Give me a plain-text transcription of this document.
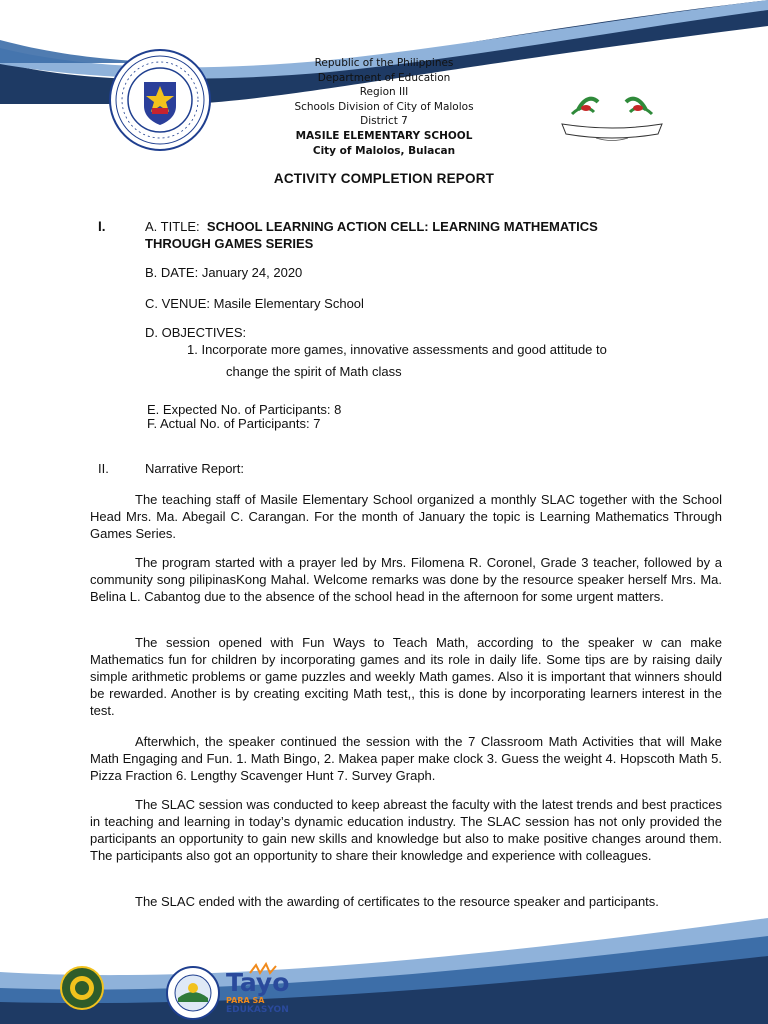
Republic of the Philippines
Department of Education
Region III
Schools Division of City of Malolos
District 7
MASILE ELEMENTARY SCHOOL
City of Malolos, Bulacan
ACTIVITY COMPLETION REPORT
I.	A. TITLE: SCHOOL LEARNING ACTION CELL: LEARNING MATHEMATICS
THROUGH GAMES SERIES
B. DATE: January 24, 2020
C. VENUE: Masile Elementary School
D. OBJECTIVES:
1. Incorporate more games, innovative assessments and good attitude to
change the spirit of Math class
E. Expected No. of Participants: 8
F. Actual No. of Participants: 7
II.	Narrative Report:
The teaching staff of Masile Elementary School organized a monthly SLAC together with the School Head Mrs. Ma. Abegail C. Carangan. For the month of January the topic is Learning Mathematics Through Games Series.
The program started with a prayer led by Mrs. Filomena R. Coronel, Grade 3 teacher, followed by a community song pilipinasKong Mahal. Welcome remarks was done by the resource speaker herself Mrs. Ma. Belina L. Cabantog due to the absence of the school head in the afternoon for some urgent matters.
The session opened with Fun Ways to Teach Math, according to the speaker w can make Mathematics fun for children by incorporating games and its role in daily life. Some tips are by raising daily simple arithmetic problems or game puzzles and weekly Math games. Also it is important that winners should be rewarded. Another is by creating exciting Math test,, this is done by incorporating learners interest in the test.
Afterwhich, the speaker continued the session with the 7 Classroom Math Activities that will Make Math Engaging and Fun. 1. Math Bingo, 2. Makea paper make clock 3. Guess the weight 4. Hopscoth Math 5. Pizza Fraction 6. Lengthy Scavenger Hunt 7. Survey Graph.
The SLAC session was conducted to keep abreast the faculty with the latest trends and best practices in teaching and learning in today’s dynamic education industry. The SLAC session has not only provided the participants an opportunity to gain new skills and knowledge but also to make positive changes around them. The participants also got an opportunity to share their knowledge and experience with colleagues.
The SLAC ended with the awarding of certificates to the resource speaker and participants.
Tayo
PARA SA
EDUKASYON
